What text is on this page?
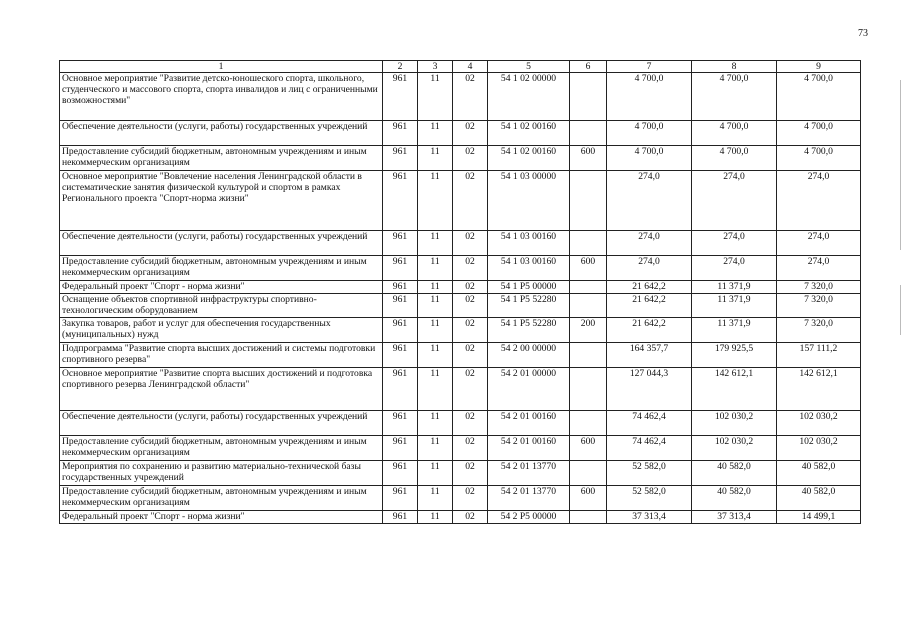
73
1	2	3	4	5	6	7	8	9
Основное мероприятие "Развитие детско-юношеского спорта, школьного, студенческого и массового спорта, спорта инвалидов и лиц с ограниченными возможностями"	961	11	02	54 1 02 00000		4 700,0	4 700,0	4 700,0
Обеспечение деятельности (услуги, работы) государственных учреждений	961	11	02	54 1 02 00160		4 700,0	4 700,0	4 700,0
Предоставление субсидий бюджетным, автономным учреждениям и иным некоммерческим организациям	961	11	02	54 1 02 00160	600	4 700,0	4 700,0	4 700,0
Основное мероприятие "Вовлечение населения Ленинградской области в систематические занятия физической культурой и спортом в рамках Регионального проекта "Спорт-норма жизни"	961	11	02	54 1 03 00000		274,0	274,0	274,0
Обеспечение деятельности (услуги, работы) государственных учреждений	961	11	02	54 1 03 00160		274,0	274,0	274,0
Предоставление субсидий бюджетным, автономным учреждениям и иным некоммерческим организациям	961	11	02	54 1 03 00160	600	274,0	274,0	274,0
Федеральный проект "Спорт - норма жизни"	961	11	02	54 1 P5 00000		21 642,2	11 371,9	7 320,0
Оснащение объектов спортивной инфраструктуры спортивно-технологическим оборудованием	961	11	02	54 1 P5 52280		21 642,2	11 371,9	7 320,0
Закупка товаров, работ и услуг для обеспечения государственных (муниципальных) нужд	961	11	02	54 1 P5 52280	200	21 642,2	11 371,9	7 320,0
Подпрограмма "Развитие спорта высших достижений и системы подготовки спортивного резерва"	961	11	02	54 2 00 00000		164 357,7	179 925,5	157 111,2
Основное мероприятие "Развитие спорта высших достижений и подготовка спортивного резерва Ленинградской области"	961	11	02	54 2 01 00000		127 044,3	142 612,1	142 612,1
Обеспечение деятельности (услуги, работы) государственных учреждений	961	11	02	54 2 01 00160		74 462,4	102 030,2	102 030,2
Предоставление субсидий бюджетным, автономным учреждениям и иным некоммерческим организациям	961	11	02	54 2 01 00160	600	74 462,4	102 030,2	102 030,2
Мероприятия по сохранению и развитию материально-технической базы государственных учреждений	961	11	02	54 2 01 13770		52 582,0	40 582,0	40 582,0
Предоставление субсидий бюджетным, автономным учреждениям и иным некоммерческим организациям	961	11	02	54 2 01 13770	600	52 582,0	40 582,0	40 582,0
Федеральный проект "Спорт - норма жизни"	961	11	02	54 2 P5 00000		37 313,4	37 313,4	14 499,1
